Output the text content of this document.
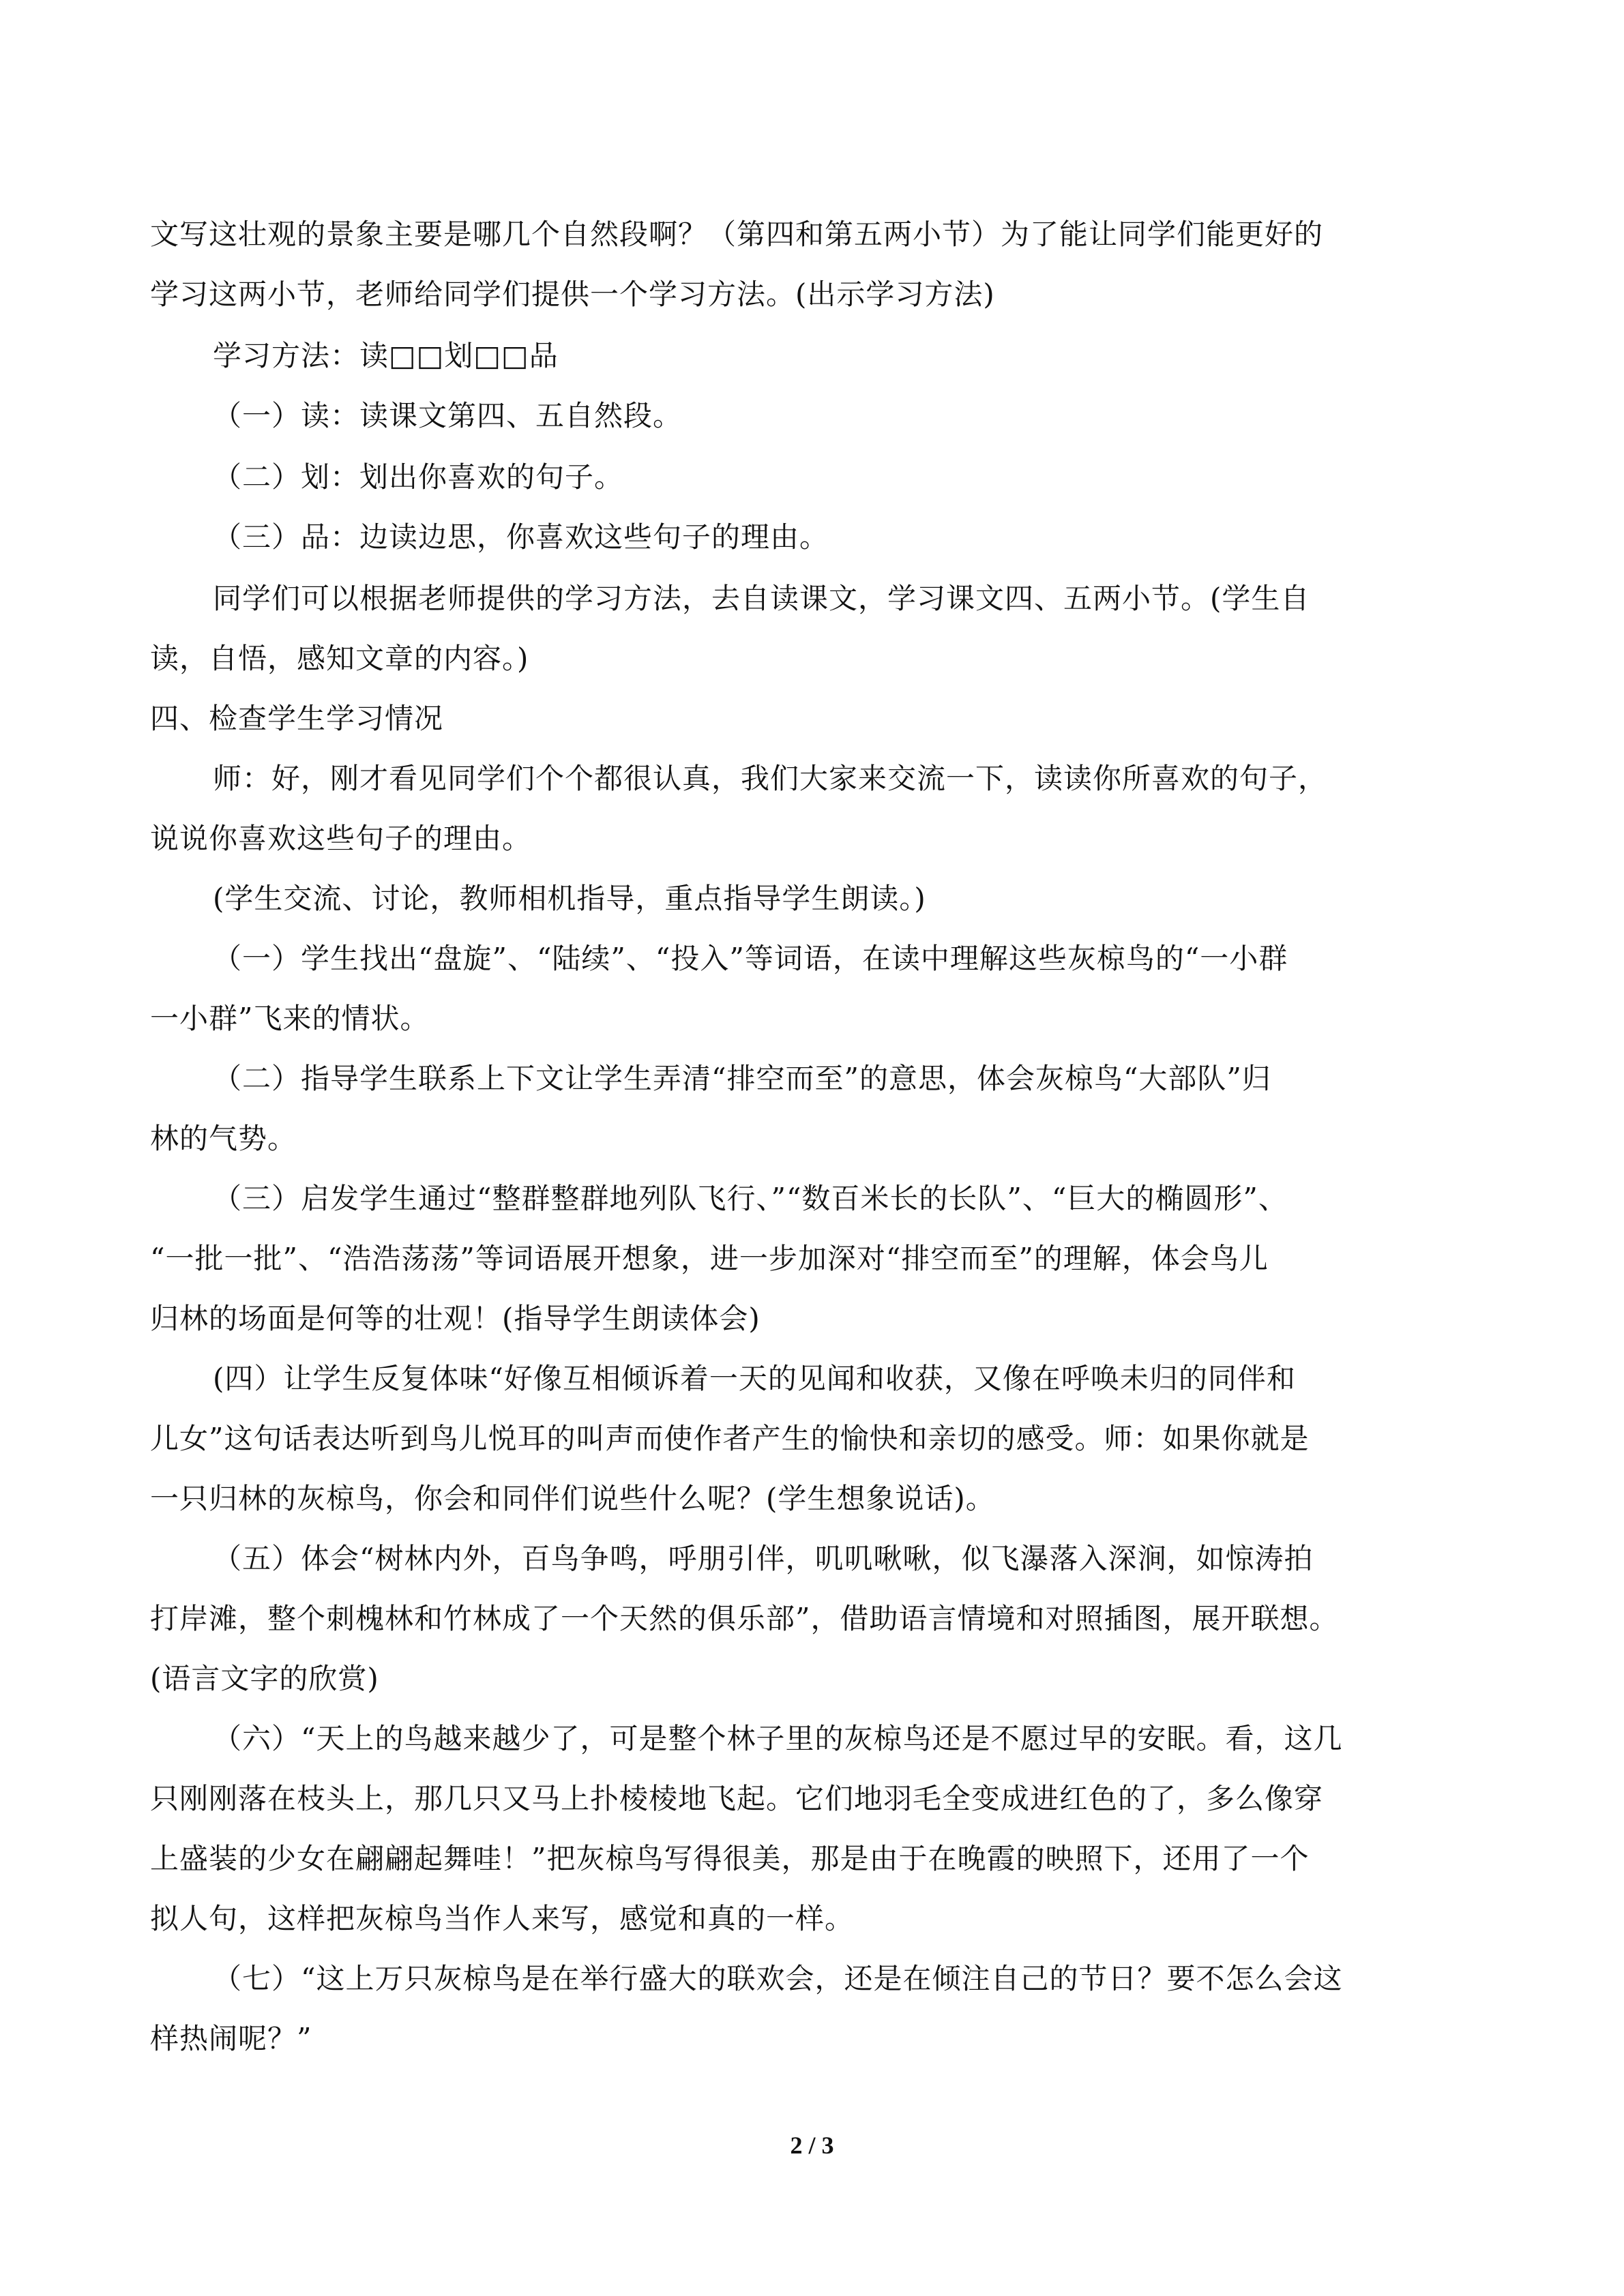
文写这壮观的景象主要是哪几个自然段啊？（第四和第五两小节）为了能让同学们能更好的
学习这两小节，老师给同学们提供一个学习方法。(出示学习方法)
学习方法：读□□划□□品
（一）读：读课文第四、五自然段。
（二）划：划出你喜欢的句子。
（三）品：边读边思，你喜欢这些句子的理由。
同学们可以根据老师提供的学习方法，去自读课文，学习课文四、五两小节。(学生自
读，自悟，感知文章的内容。)
四、检查学生学习情况
师：好，刚才看见同学们个个都很认真，我们大家来交流一下，读读你所喜欢的句子，
说说你喜欢这些句子的理由。
(学生交流、讨论，教师相机指导，重点指导学生朗读。)
（一）学生找出“盘旋”、“陆续”、“投入”等词语，在读中理解这些灰椋鸟的“一小群
一小群”飞来的情状。
（二）指导学生联系上下文让学生弄清“排空而至”的意思，体会灰椋鸟“大部队”归
林的气势。
（三）启发学生通过“整群整群地列队飞行、”“数百米长的长队”、“巨大的椭圆形”、
“一批一批”、“浩浩荡荡”等词语展开想象，进一步加深对“排空而至”的理解，体会鸟儿
归林的场面是何等的壮观！(指导学生朗读体会)
(四）让学生反复体味“好像互相倾诉着一天的见闻和收获，又像在呼唤未归的同伴和
儿女”这句话表达听到鸟儿悦耳的叫声而使作者产生的愉快和亲切的感受。师：如果你就是
一只归林的灰椋鸟，你会和同伴们说些什么呢？(学生想象说话)。
（五）体会“树林内外，百鸟争鸣，呼朋引伴，叽叽啾啾，似飞瀑落入深涧，如惊涛拍
打岸滩，整个刺槐林和竹林成了一个天然的俱乐部”，借助语言情境和对照插图，展开联想。
(语言文字的欣赏)
（六）“天上的鸟越来越少了，可是整个林子里的灰椋鸟还是不愿过早的安眠。看，这几
只刚刚落在枝头上，那几只又马上扑棱棱地飞起。它们地羽毛全变成进红色的了，多么像穿
上盛装的少女在翩翩起舞哇！”把灰椋鸟写得很美，那是由于在晚霞的映照下，还用了一个
拟人句，这样把灰椋鸟当作人来写，感觉和真的一样。
（七）“这上万只灰椋鸟是在举行盛大的联欢会，还是在倾注自己的节日？要不怎么会这
样热闹呢？”
2 / 3
